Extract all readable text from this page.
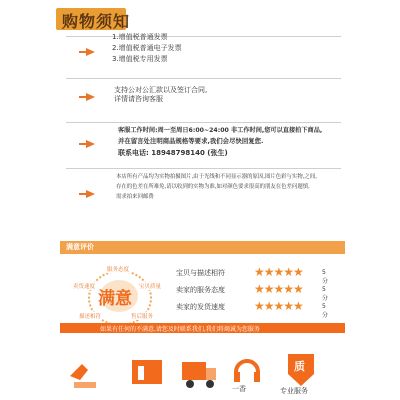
购物须知
1.增值税普通发票
2.增值税普通电子发票
3.增值税专用发票
支持公对公汇款以及签订合同,
详情请咨询客服
客服工作时间:周一至周日6:00~24:00 非工作时间,您可以直接拍下商品,
并在留言处注明商品规格等要求,我们会尽快回复您.
联系电话: 18948798140 (张生)
本店所有产品均为实物拍摄图片,由于光线和不同显示器的原因,图片色彩与实物,之间,
存在的色差在所难免,请以收到的实物为准,如对颜色要求很高的朋友在色差问题慎,
需求拍来回邮费
满意评价
满意
服务态度
卖货速度	宝贝质量
描述相符	售后服务
宝贝与描述相符 ★★★★★	5分
卖家的服务态度 ★★★★★	5分
卖家的发货速度 ★★★★★	5分
如果有任何的不满意,请您及时联系我们,我们将竭诚为您服务
一香
质
专业服务
